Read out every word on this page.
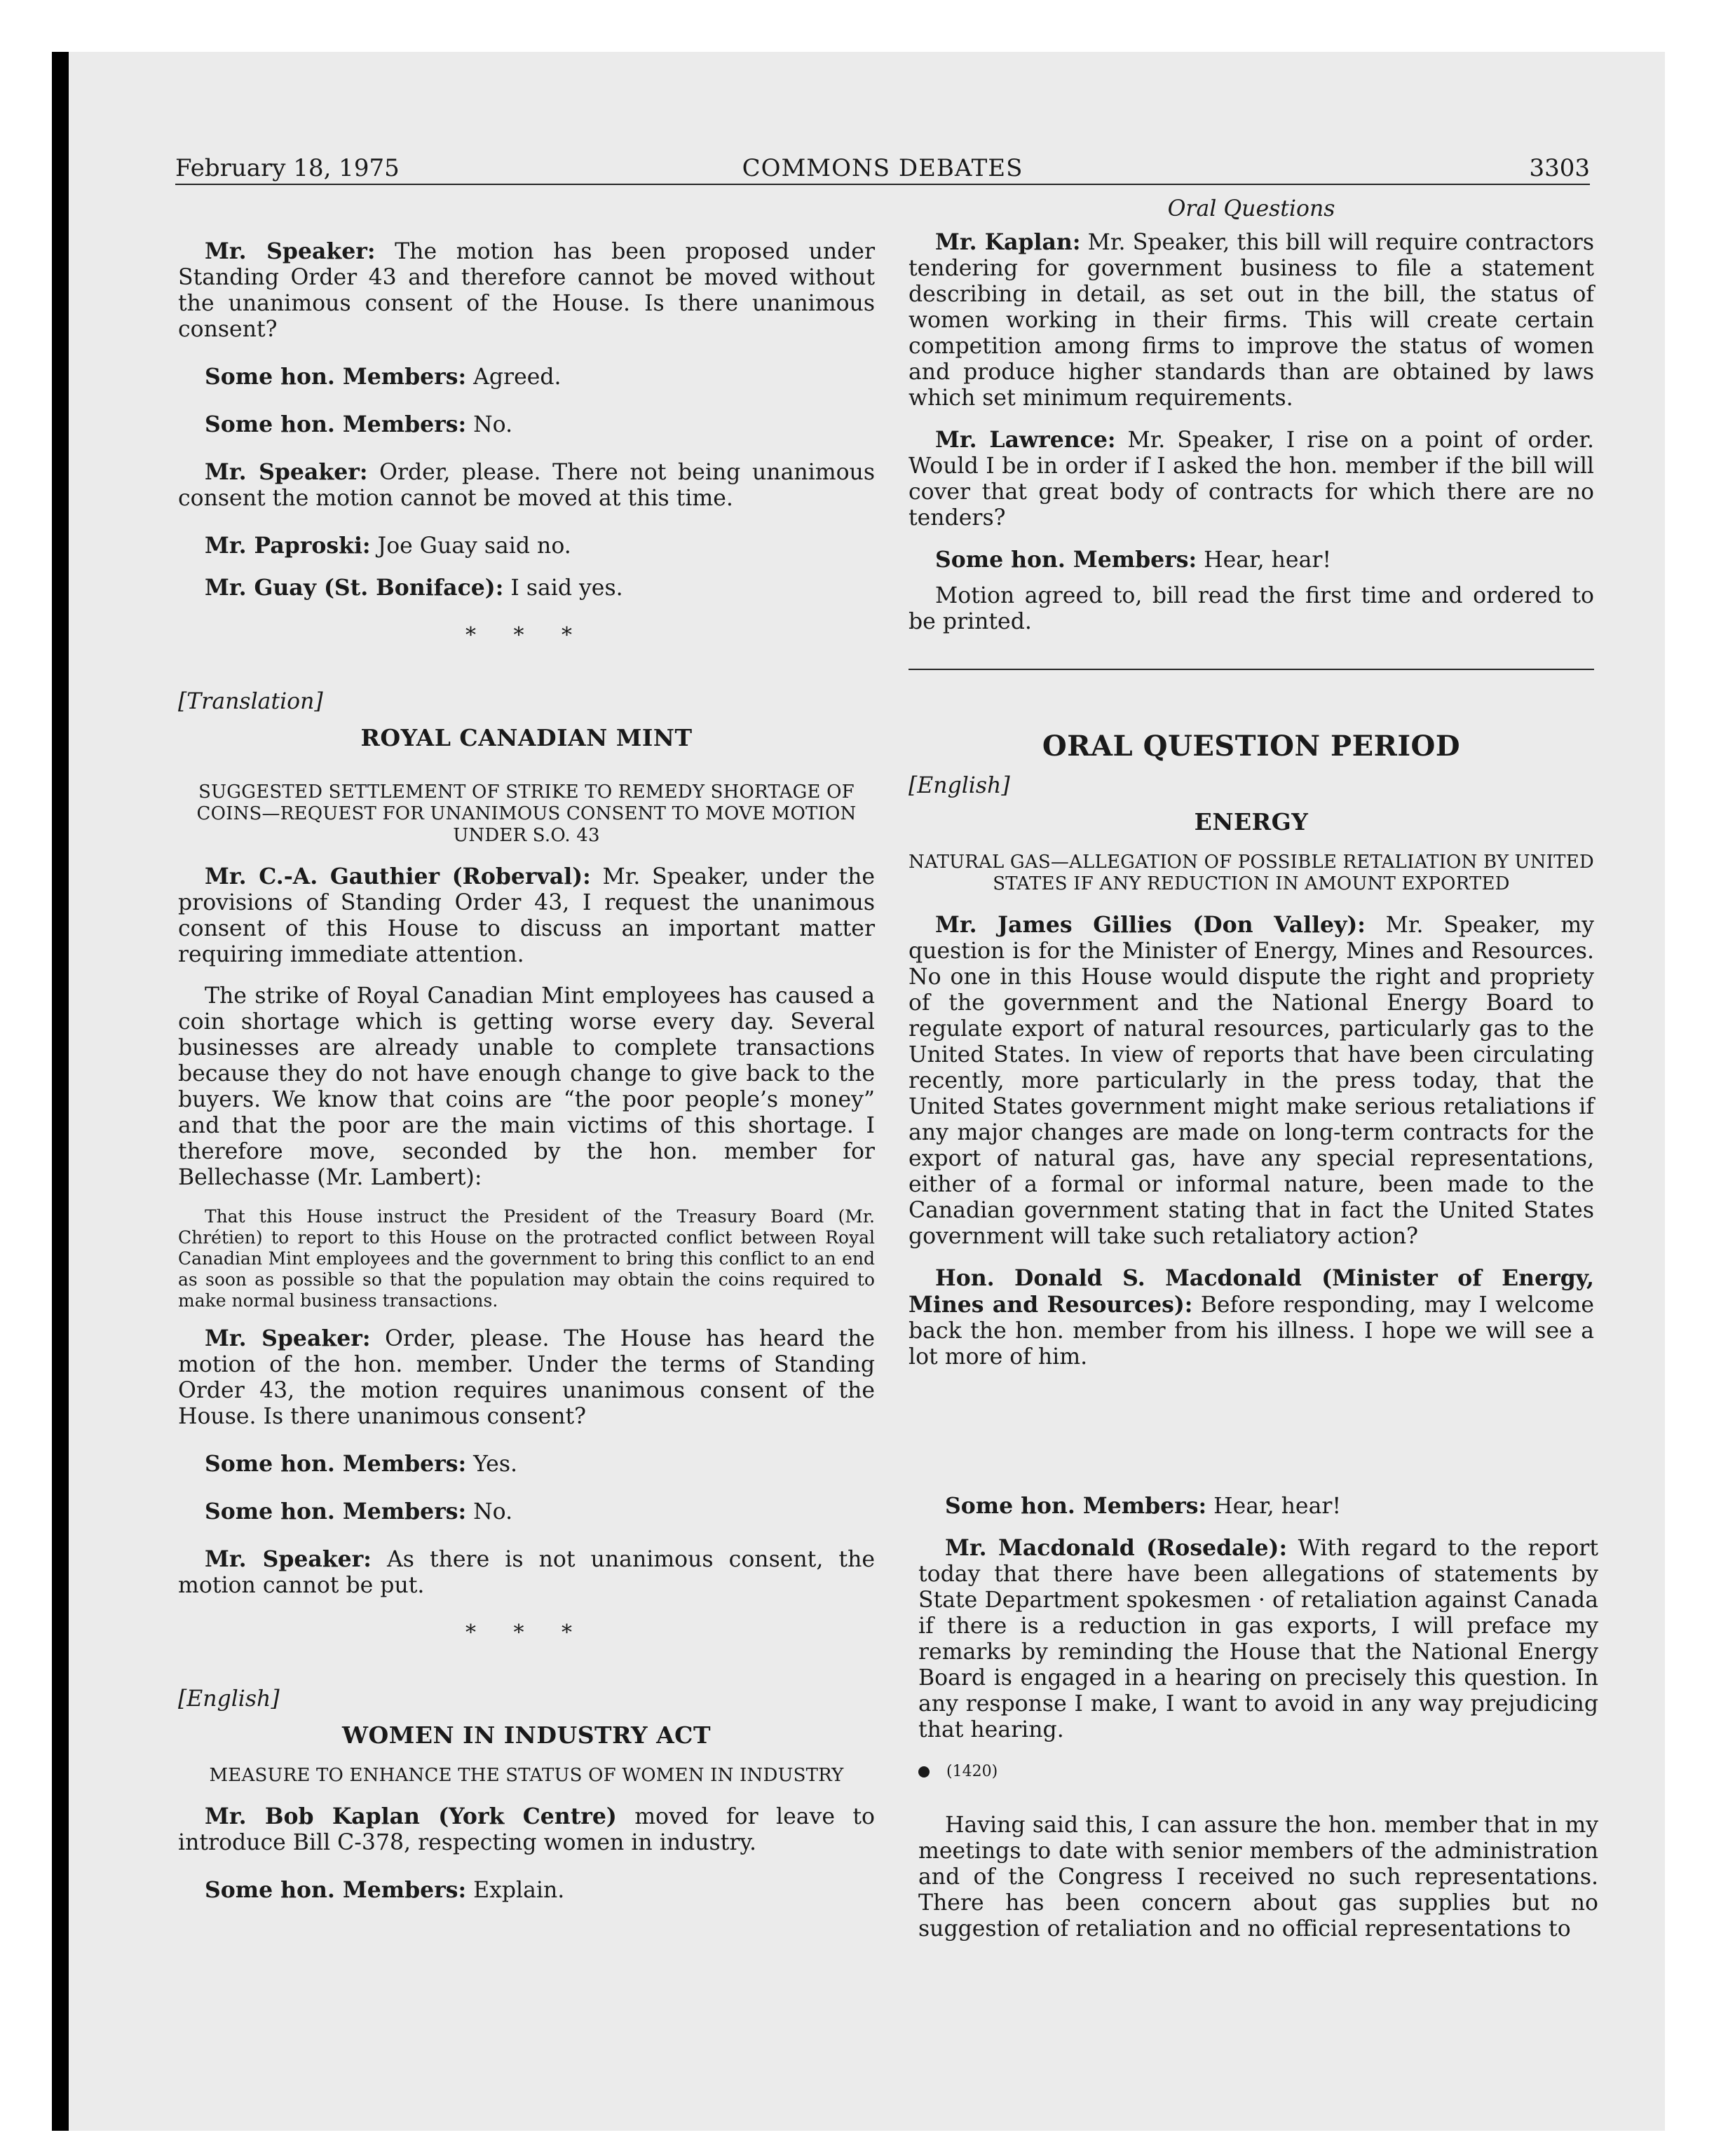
February 18, 1975	COMMONS DEBATES	3303

Mr. Speaker: The motion has been proposed under Standing Order 43 and therefore cannot be moved without the unanimous consent of the House. Is there unanimous consent?

Some hon. Members: Agreed.

Some hon. Members: No.

Mr. Speaker: Order, please. There not being unanimous consent the motion cannot be moved at this time.

Mr. Paproski: Joe Guay said no.

Mr. Guay (St. Boniface): I said yes.

* * *
[Translation]
ROYAL CANADIAN MINT
SUGGESTED SETTLEMENT OF STRIKE TO REMEDY SHORTAGE OF COINS—REQUEST FOR UNANIMOUS CONSENT TO MOVE MOTION UNDER S.O. 43

Mr. C.-A. Gauthier (Roberval): Mr. Speaker, under the provisions of Standing Order 43, I request the unanimous consent of this House to discuss an important matter requiring immediate attention.

The strike of Royal Canadian Mint employees has caused a coin shortage which is getting worse every day. Several businesses are already unable to complete transactions because they do not have enough change to give back to the buyers. We know that coins are “the poor people’s money” and that the poor are the main victims of this shortage. I therefore move, seconded by the hon. member for Bellechasse (Mr. Lambert):

That this House instruct the President of the Treasury Board (Mr. Chrétien) to report to this House on the protracted conflict between Royal Canadian Mint employees and the government to bring this conflict to an end as soon as possible so that the population may obtain the coins required to make normal business transactions.

Mr. Speaker: Order, please. The House has heard the motion of the hon. member. Under the terms of Standing Order 43, the motion requires unanimous consent of the House. Is there unanimous consent?

Some hon. Members: Yes.

Some hon. Members: No.

Mr. Speaker: As there is not unanimous consent, the motion cannot be put.

* * *
[English]
WOMEN IN INDUSTRY ACT
MEASURE TO ENHANCE THE STATUS OF WOMEN IN INDUSTRY

Mr. Bob Kaplan (York Centre) moved for leave to introduce Bill C-378, respecting women in industry.

Some hon. Members: Explain.

Oral Questions

Mr. Kaplan: Mr. Speaker, this bill will require contractors tendering for government business to file a statement describing in detail, as set out in the bill, the status of women working in their firms. This will create certain competition among firms to improve the status of women and produce higher standards than are obtained by laws which set minimum requirements.

Mr. Lawrence: Mr. Speaker, I rise on a point of order. Would I be in order if I asked the hon. member if the bill will cover that great body of contracts for which there are no tenders?

Some hon. Members: Hear, hear!

Motion agreed to, bill read the first time and ordered to be printed.

ORAL QUESTION PERIOD
[English]
ENERGY
NATURAL GAS—ALLEGATION OF POSSIBLE RETALIATION BY UNITED STATES IF ANY REDUCTION IN AMOUNT EXPORTED

Mr. James Gillies (Don Valley): Mr. Speaker, my question is for the Minister of Energy, Mines and Resources. No one in this House would dispute the right and propriety of the government and the National Energy Board to regulate export of natural resources, particularly gas to the United States. In view of reports that have been circulating recently, more particularly in the press today, that the United States government might make serious retaliations if any major changes are made on long-term contracts for the export of natural gas, have any special representations, either of a formal or informal nature, been made to the Canadian government stating that in fact the United States government will take such retaliatory action?

Hon. Donald S. Macdonald (Minister of Energy, Mines and Resources): Before responding, may I welcome back the hon. member from his illness. I hope we will see a lot more of him.

Some hon. Members: Hear, hear!

Mr. Macdonald (Rosedale): With regard to the report today that there have been allegations of statements by State Department spokesmen · of retaliation against Canada if there is a reduction in gas exports, I will preface my remarks by reminding the House that the National Energy Board is engaged in a hearing on precisely this question. In any response I make, I want to avoid in any way prejudicing that hearing.

(1420)

Having said this, I can assure the hon. member that in my meetings to date with senior members of the administration and of the Congress I received no such representations. There has been concern about gas supplies but no suggestion of retaliation and no official representations to
